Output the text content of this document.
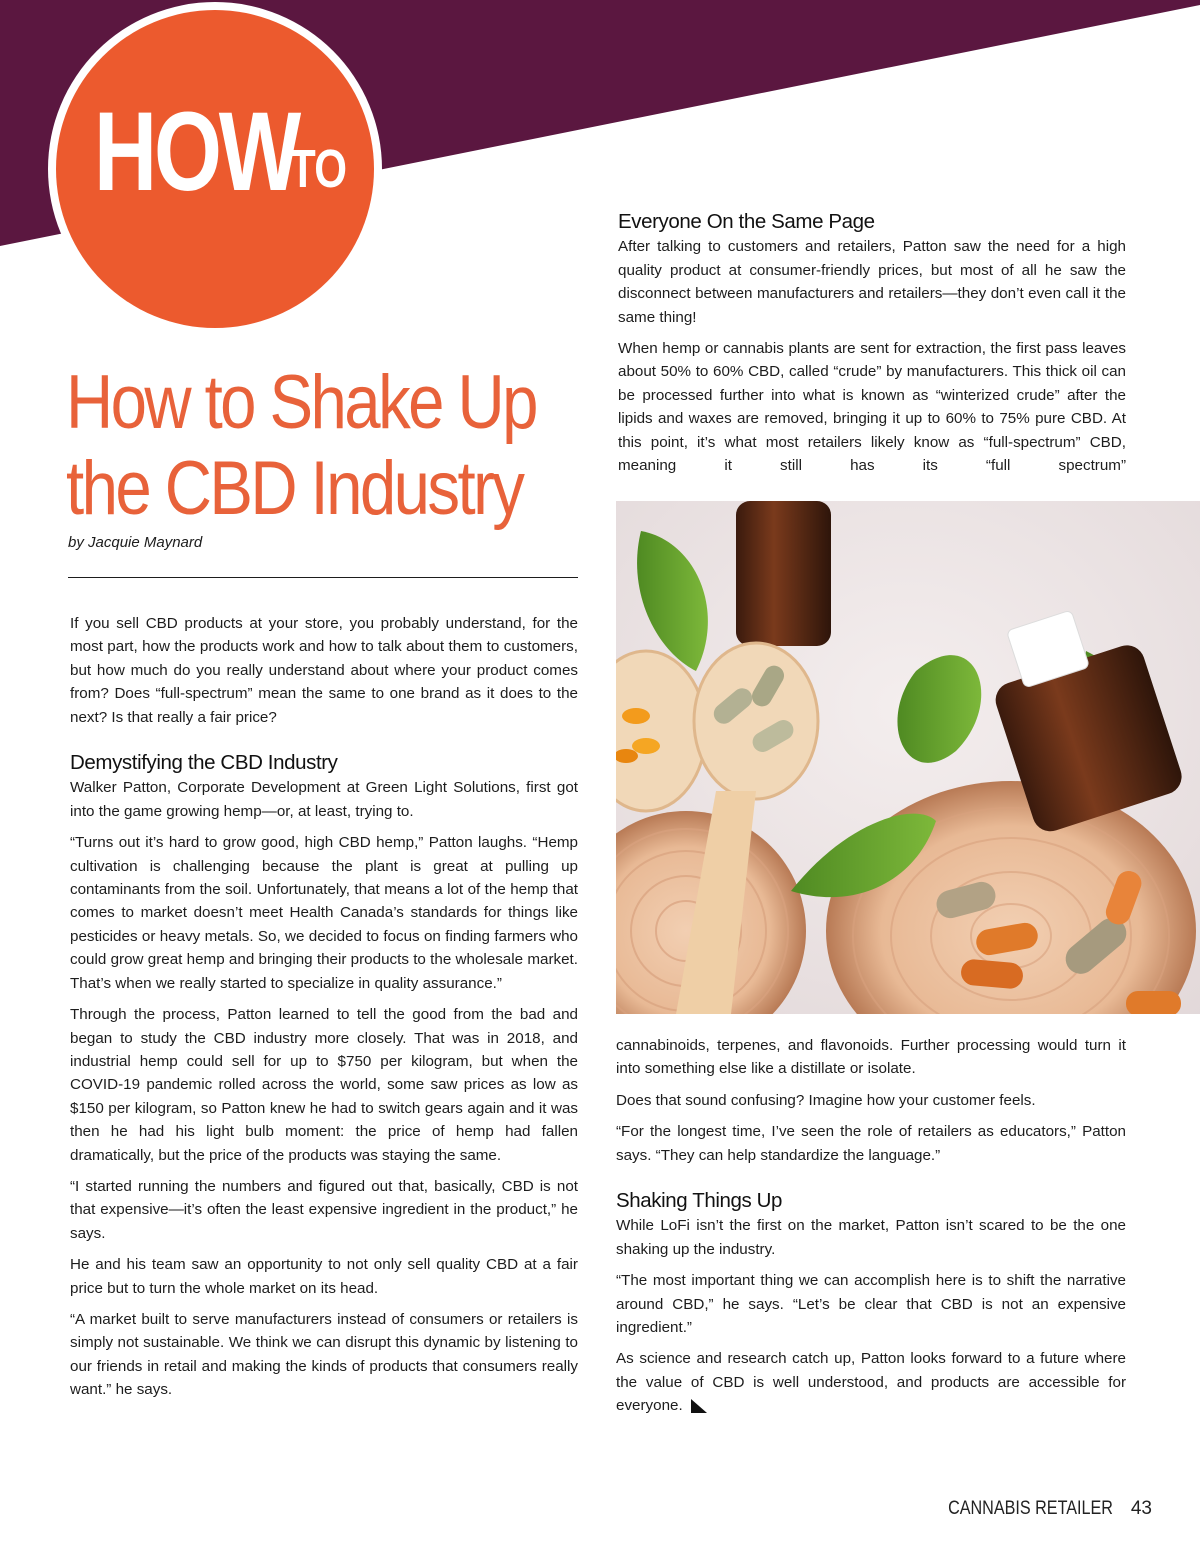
HOW
TO
How to Shake Up
the CBD Industry
by Jacquie Maynard

If you sell CBD products at your store, you probably understand, for the most part, how the products work and how to talk about them to customers, but how much do you really understand about where your product comes from? Does “full-spectrum” mean the same to one brand as it does to the next? Is that really a fair price?

Demystifying the CBD Industry

Walker Patton, Corporate Development at Green Light Solutions, first got into the game growing hemp—or, at least, trying to.

“Turns out it’s hard to grow good, high CBD hemp,” Patton laughs. “Hemp cultivation is challenging because the plant is great at pulling up contaminants from the soil. Unfortunately, that means a lot of the hemp that comes to market doesn’t meet Health Canada’s standards for things like pesticides or heavy metals. So, we decided to focus on finding farmers who could grow great hemp and bringing their products to the wholesale market. That’s when we really started to specialize in quality assurance.”

Through the process, Patton learned to tell the good from the bad and began to study the CBD industry more closely. That was in 2018, and industrial hemp could sell for up to $750 per kilogram, but when the COVID-19 pandemic rolled across the world, some saw prices as low as $150 per kilogram, so Patton knew he had to switch gears again and it was then he had his light bulb moment: the price of hemp had fallen dramatically, but the price of the products was staying the same.

“I started running the numbers and figured out that, basically, CBD is not that expensive—it’s often the least expensive ingredient in the product,” he says.

He and his team saw an opportunity to not only sell quality CBD at a fair price but to turn the whole market on its head.

“A market built to serve manufacturers instead of consumers or retailers is simply not sustainable. We think we can disrupt this dynamic by listening to our friends in retail and making the kinds of products that consumers really want.” he says.

Everyone On the Same Page

After talking to customers and retailers, Patton saw the need for a high quality product at consumer-friendly prices, but most of all he saw the disconnect between manufacturers and retailers—they don’t even call it the same thing!

When hemp or cannabis plants are sent for extraction, the first pass leaves about 50% to 60% CBD, called “crude” by manufacturers. This thick oil can be processed further into what is known as “winterized crude” after the lipids and waxes are removed, bringing it up to 60% to 75% pure CBD. At this point, it’s what most retailers likely know as “full-spectrum” CBD, meaning it still has its “full spectrum”

cannabinoids, terpenes, and flavonoids. Further processing would turn it into something else like a distillate or isolate.

Does that sound confusing? Imagine how your customer feels.

“For the longest time, I’ve seen the role of retailers as educators,” Patton says. “They can help standardize the language.”

Shaking Things Up

While LoFi isn’t the first on the market, Patton isn’t scared to be the one shaking up the industry.

“The most important thing we can accomplish here is to shift the narrative around CBD,” he says. “Let’s be clear that CBD is not an expensive ingredient.”

As science and research catch up, Patton looks forward to a future where the value of CBD is well understood, and products are accessible for everyone.

CANNABIS RETAILER 43
